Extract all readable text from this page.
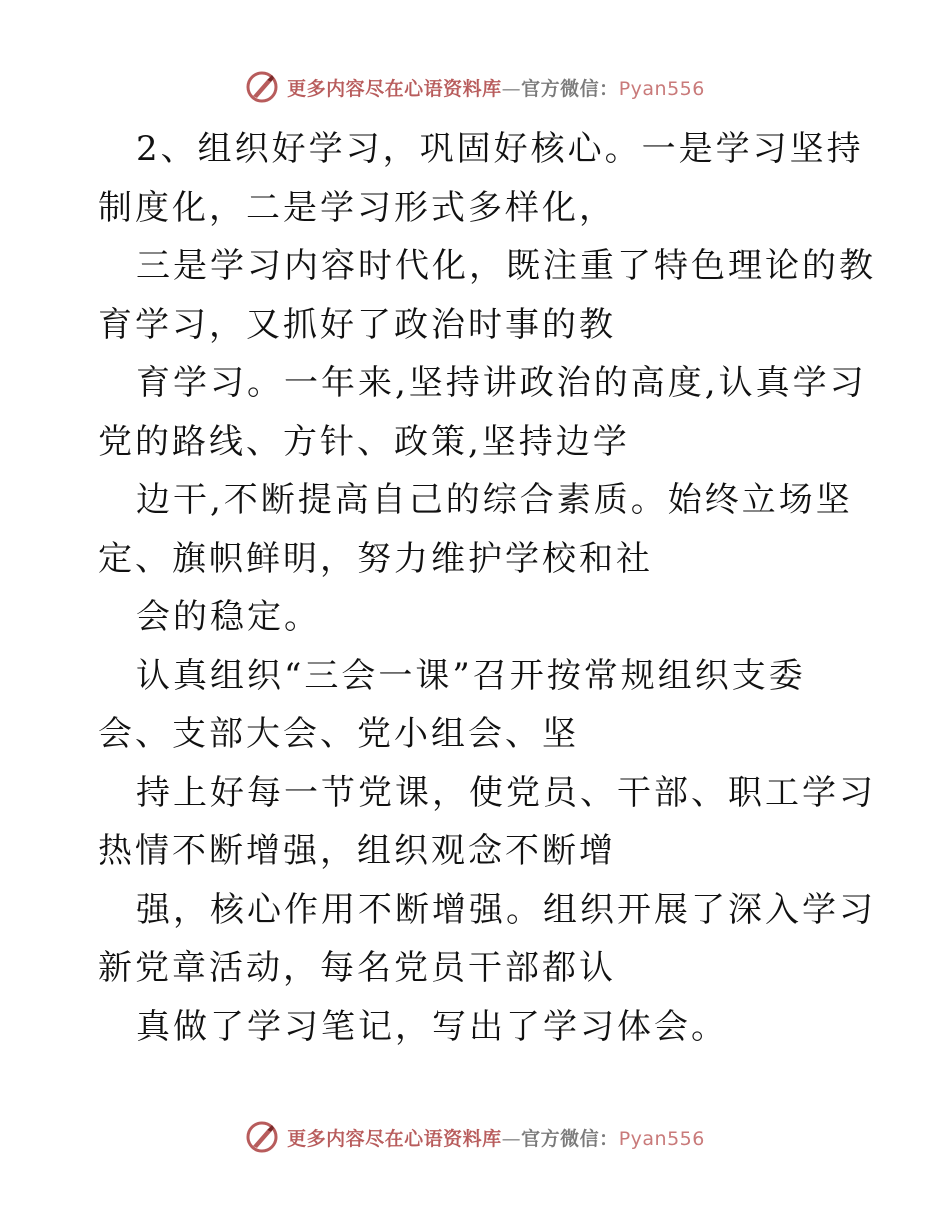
更多内容尽在心语资料库—官方微信：Pyan556

2、组织好学习，巩固好核心。一是学习坚持制度化，二是学习形式多样化，

三是学习内容时代化，既注重了特色理论的教育学习，又抓好了政治时事的教

育学习。一年来,坚持讲政治的高度,认真学习党的路线、方针、政策,坚持边学

边干,不断提高自己的综合素质。始终立场坚定、旗帜鲜明，努力维护学校和社

会的稳定。

认真组织“三会一课”召开按常规组织支委会、支部大会、党小组会、坚

持上好每一节党课，使党员、干部、职工学习热情不断增强，组织观念不断增

强，核心作用不断增强。组织开展了深入学习新党章活动，每名党员干部都认

真做了学习笔记，写出了学习体会。

更多内容尽在心语资料库—官方微信：Pyan556
